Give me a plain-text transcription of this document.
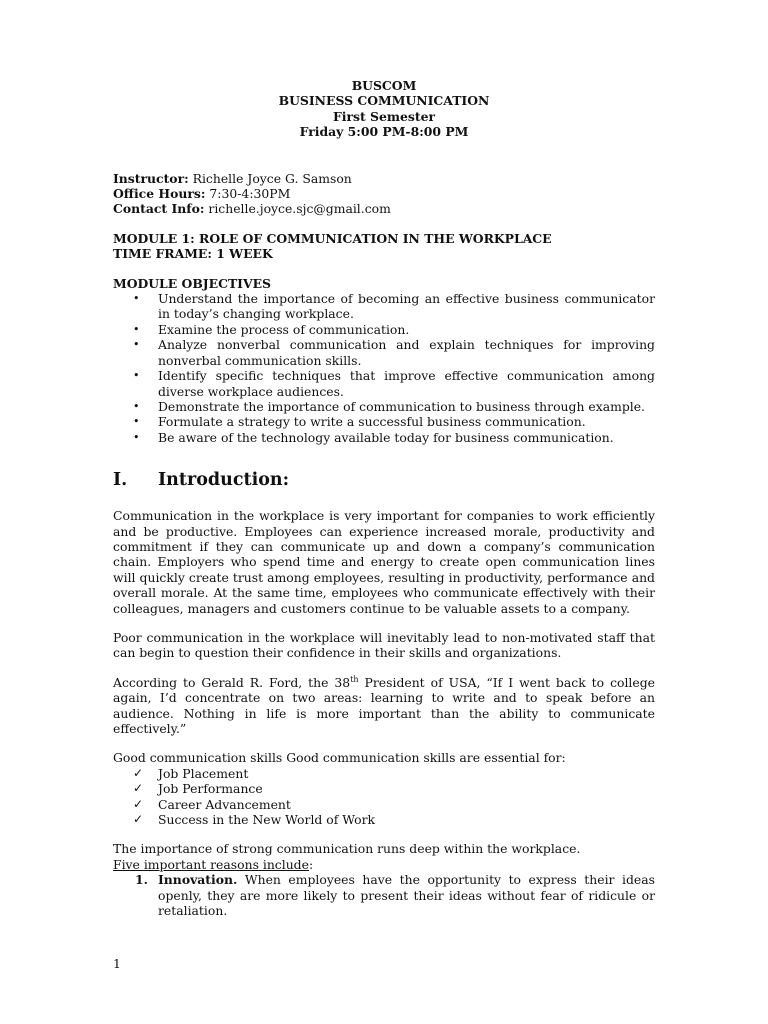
BUSCOM
BUSINESS COMMUNICATION
First Semester
Friday 5:00 PM-8:00 PM
Instructor: Richelle Joyce G. Samson
Office Hours: 7:30-4:30PM
Contact Info: richelle.joyce.sjc@gmail.com
MODULE 1: ROLE OF COMMUNICATION IN THE WORKPLACE
TIME FRAME: 1 WEEK
MODULE OBJECTIVES
• Understand the importance of becoming an effective business communicator in today’s changing workplace.
• Examine the process of communication.
• Analyze nonverbal communication and explain techniques for improving nonverbal communication skills.
• Identify specific techniques that improve effective communication among diverse workplace audiences.
• Demonstrate the importance of communication to business through example.
• Formulate a strategy to write a successful business communication.
• Be aware of the technology available today for business communication.
I.	Introduction:

Communication in the workplace is very important for companies to work efficiently and be productive. Employees can experience increased morale, productivity and commitment if they can communicate up and down a company’s communication chain. Employers who spend time and energy to create open communication lines will quickly create trust among employees, resulting in productivity, performance and overall morale. At the same time, employees who communicate effectively with their colleagues, managers and customers continue to be valuable assets to a company.

Poor communication in the workplace will inevitably lead to non-motivated staff that can begin to question their confidence in their skills and organizations.

According to Gerald R. Ford, the 38th President of USA, “If I went back to college again, I’d concentrate on two areas: learning to write and to speak before an audience. Nothing in life is more important than the ability to communicate effectively.”

Good communication skills Good communication skills are essential for:

✓ Job Placement
✓ Job Performance
✓ Career Advancement
✓ Success in the New World of Work

The importance of strong communication runs deep within the workplace.
Five important reasons include:

1. Innovation. When employees have the opportunity to express their ideas openly, they are more likely to present their ideas without fear of ridicule or retaliation.
1
